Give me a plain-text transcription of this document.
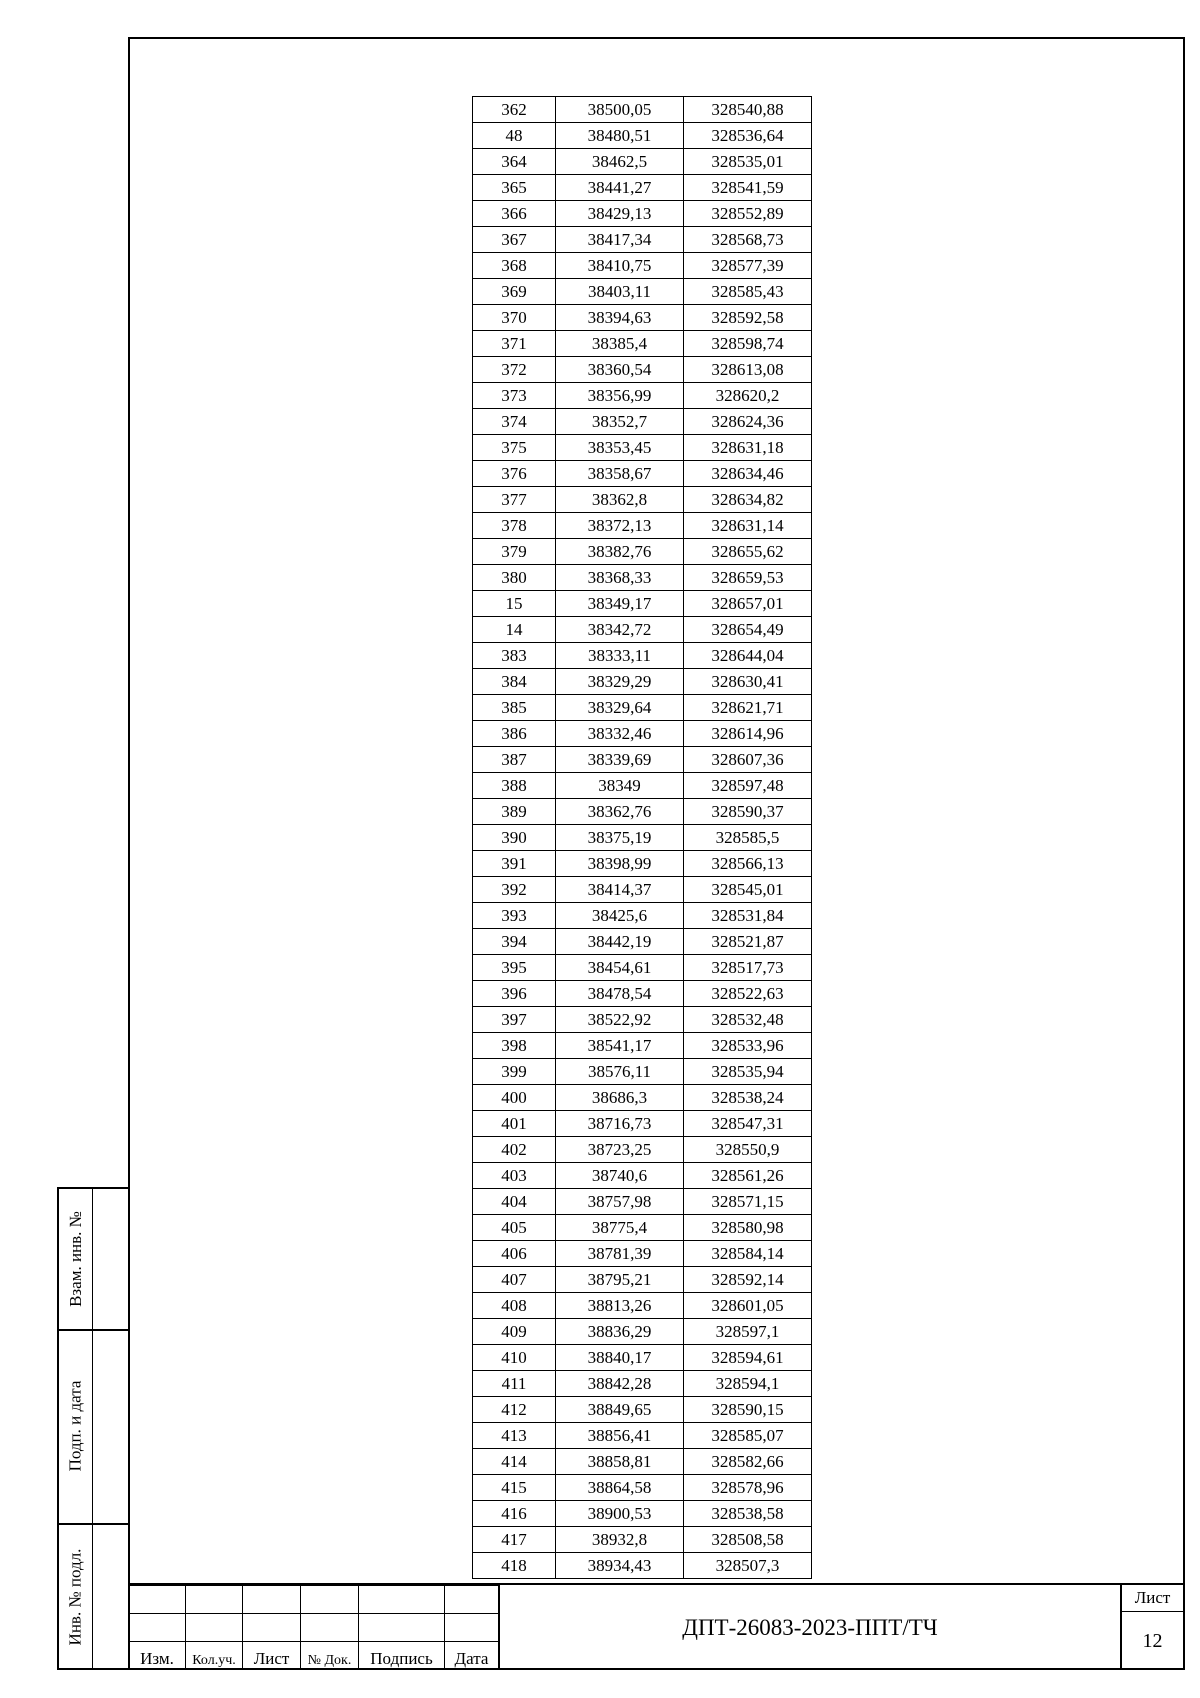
362	38500,05	328540,88
48	38480,51	328536,64
364	38462,5	328535,01
365	38441,27	328541,59
366	38429,13	328552,89
367	38417,34	328568,73
368	38410,75	328577,39
369	38403,11	328585,43
370	38394,63	328592,58
371	38385,4	328598,74
372	38360,54	328613,08
373	38356,99	328620,2
374	38352,7	328624,36
375	38353,45	328631,18
376	38358,67	328634,46
377	38362,8	328634,82
378	38372,13	328631,14
379	38382,76	328655,62
380	38368,33	328659,53
15	38349,17	328657,01
14	38342,72	328654,49
383	38333,11	328644,04
384	38329,29	328630,41
385	38329,64	328621,71
386	38332,46	328614,96
387	38339,69	328607,36
388	38349	328597,48
389	38362,76	328590,37
390	38375,19	328585,5
391	38398,99	328566,13
392	38414,37	328545,01
393	38425,6	328531,84
394	38442,19	328521,87
395	38454,61	328517,73
396	38478,54	328522,63
397	38522,92	328532,48
398	38541,17	328533,96
399	38576,11	328535,94
400	38686,3	328538,24
401	38716,73	328547,31
402	38723,25	328550,9
403	38740,6	328561,26
404	38757,98	328571,15
405	38775,4	328580,98
406	38781,39	328584,14
407	38795,21	328592,14
408	38813,26	328601,05
409	38836,29	328597,1
410	38840,17	328594,61
411	38842,28	328594,1
412	38849,65	328590,15
413	38856,41	328585,07
414	38858,81	328582,66
415	38864,58	328578,96
416	38900,53	328538,58
417	38932,8	328508,58
418	38934,43	328507,3
Взам. инв. №
Подп. и дата
Инв. № подл.

Изм.	Кол.уч.	Лист	№ Док.	Подпись	Дата
ДПТ-26083-2023-ППТ/ТЧ
Лист
12
